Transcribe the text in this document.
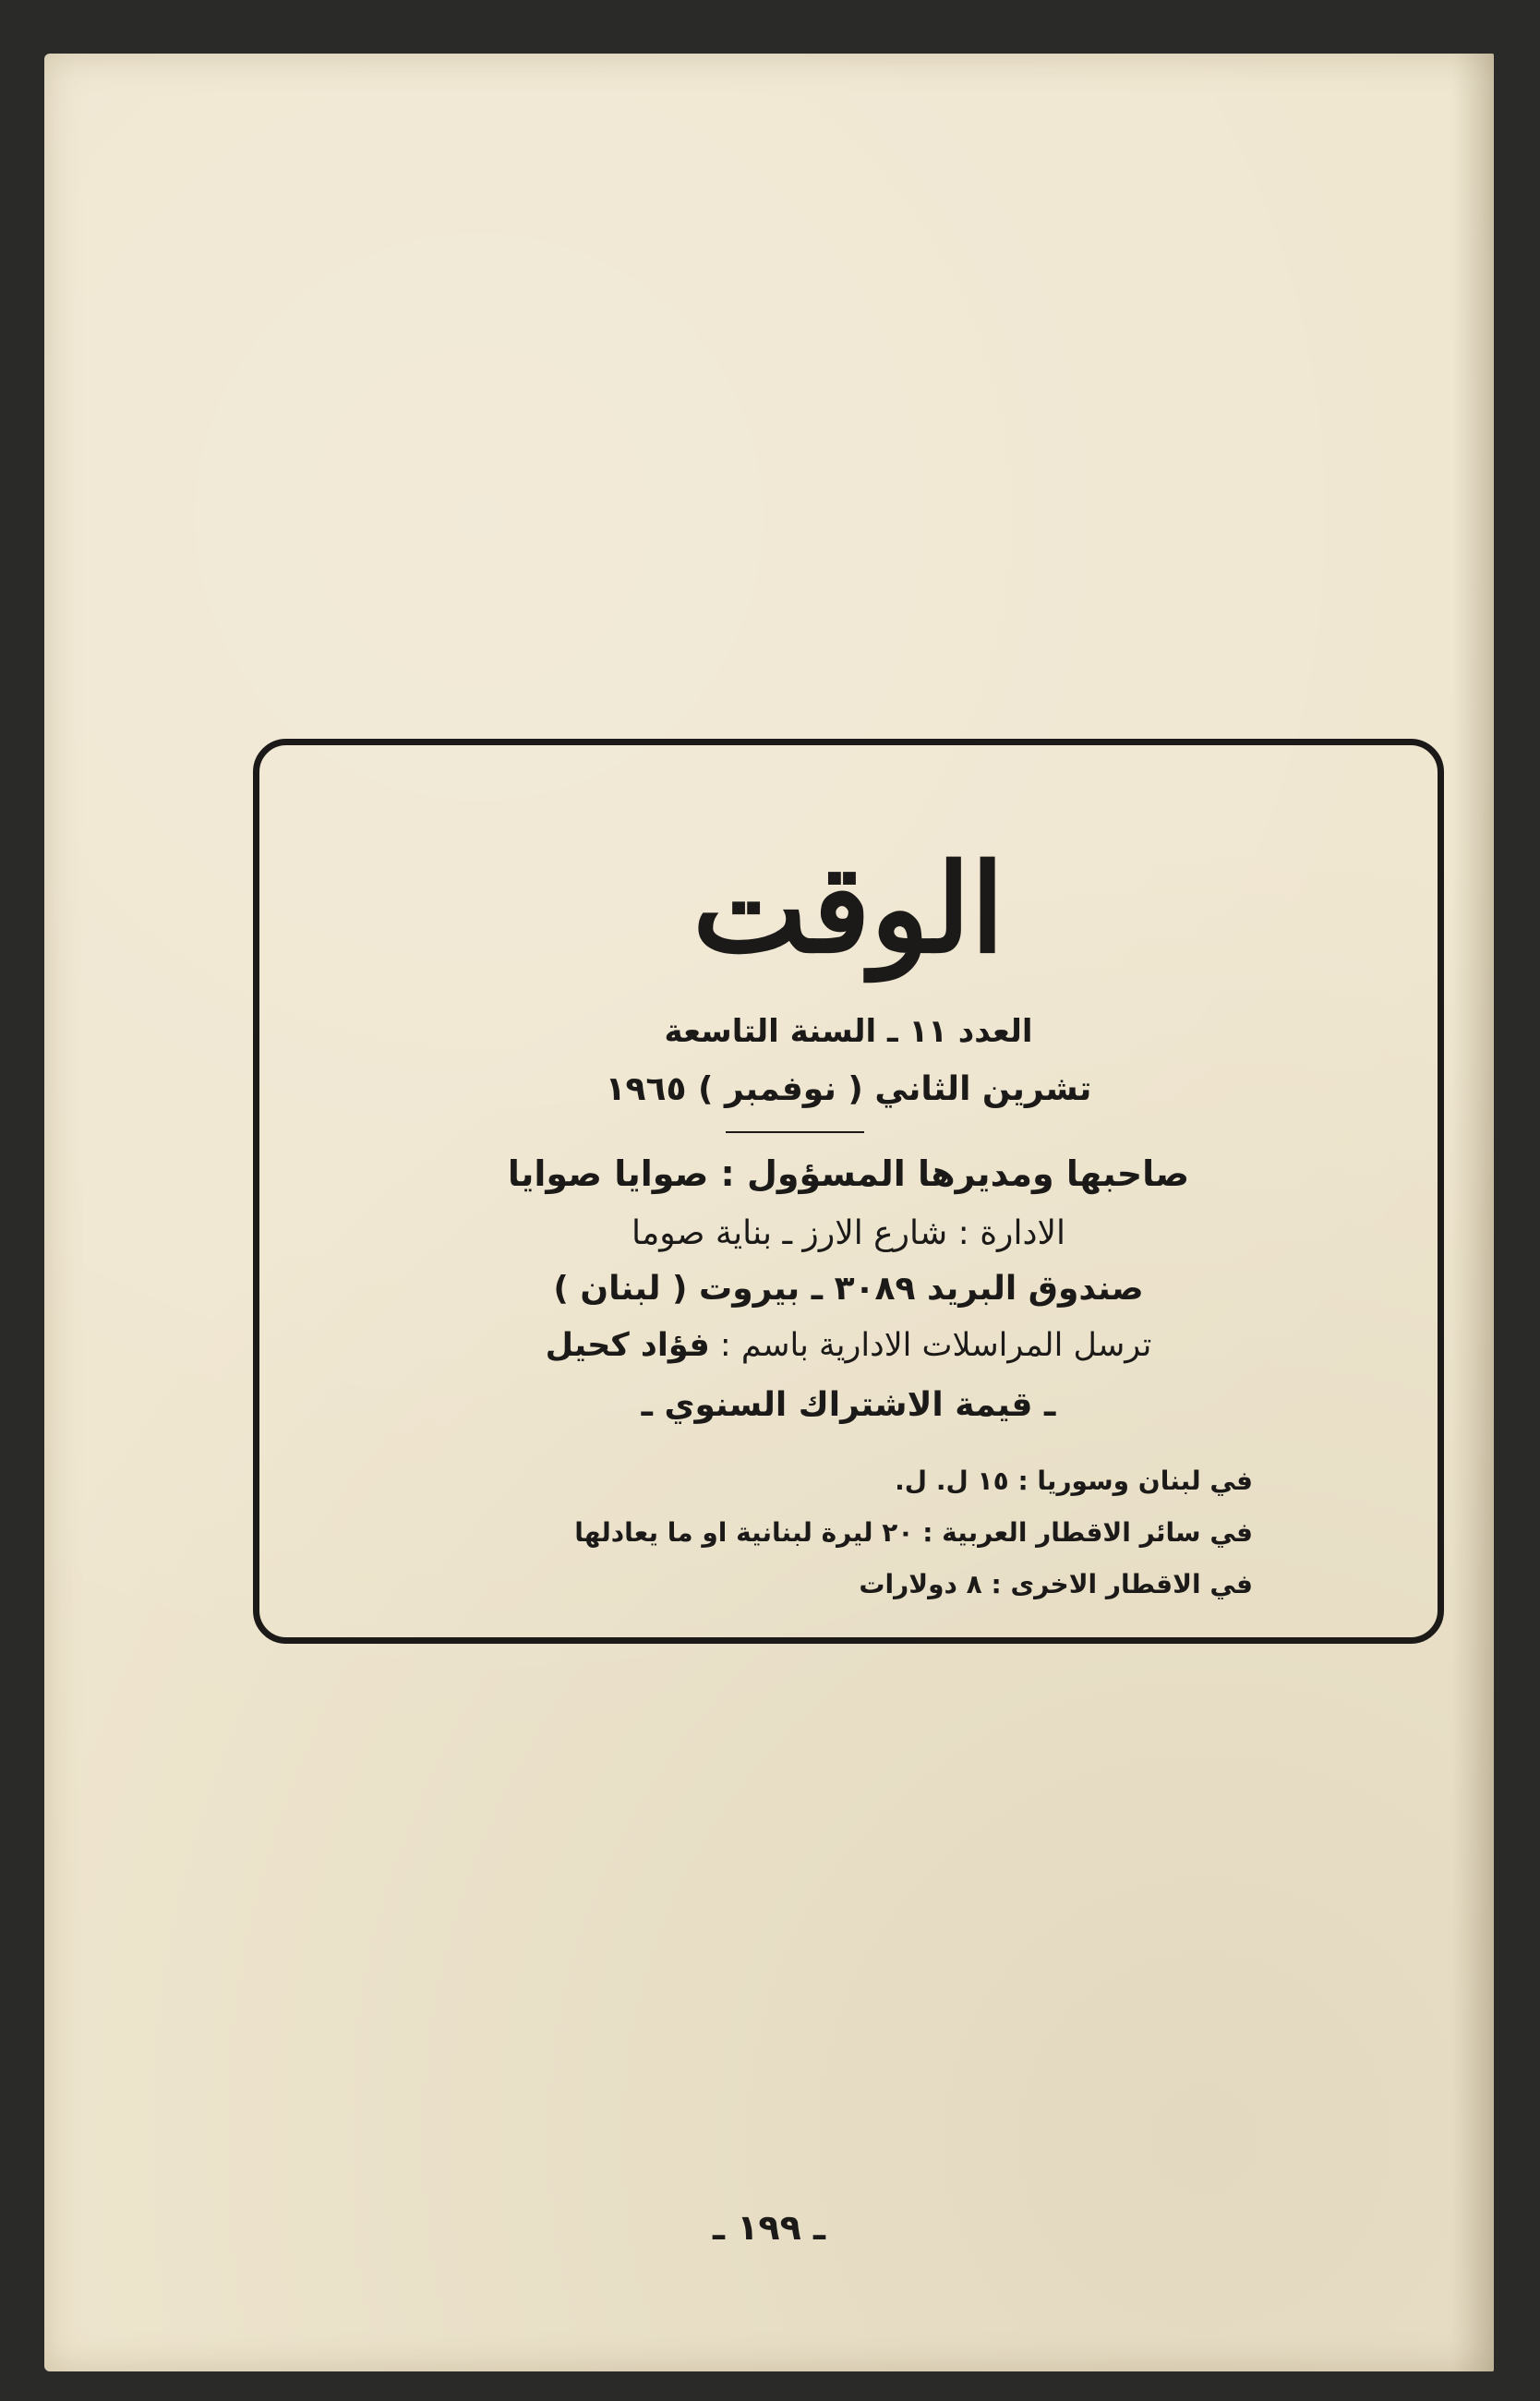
الوقت
العدد ١١ ـ السنة التاسعة
تشرين الثاني ( نوفمبر ) ١٩٦٥
صاحبها ومديرها المسؤول : صوايا صوايا
الادارة : شارع الارز ـ بناية صوما
صندوق البريد ٣٠٨٩ ـ بيروت ( لبنان )
ترسل المراسلات الادارية باسم : فؤاد كحيل
ـ قيمة الاشتراك السنوي ـ
في لبنان وسوريا : ١٥ ل. ل.
في سائر الاقطار العربية : ٢٠ ليرة لبنانية او ما يعادلها
في الاقطار الاخرى : ٨ دولارات
ـ ١٩٩ ـ
